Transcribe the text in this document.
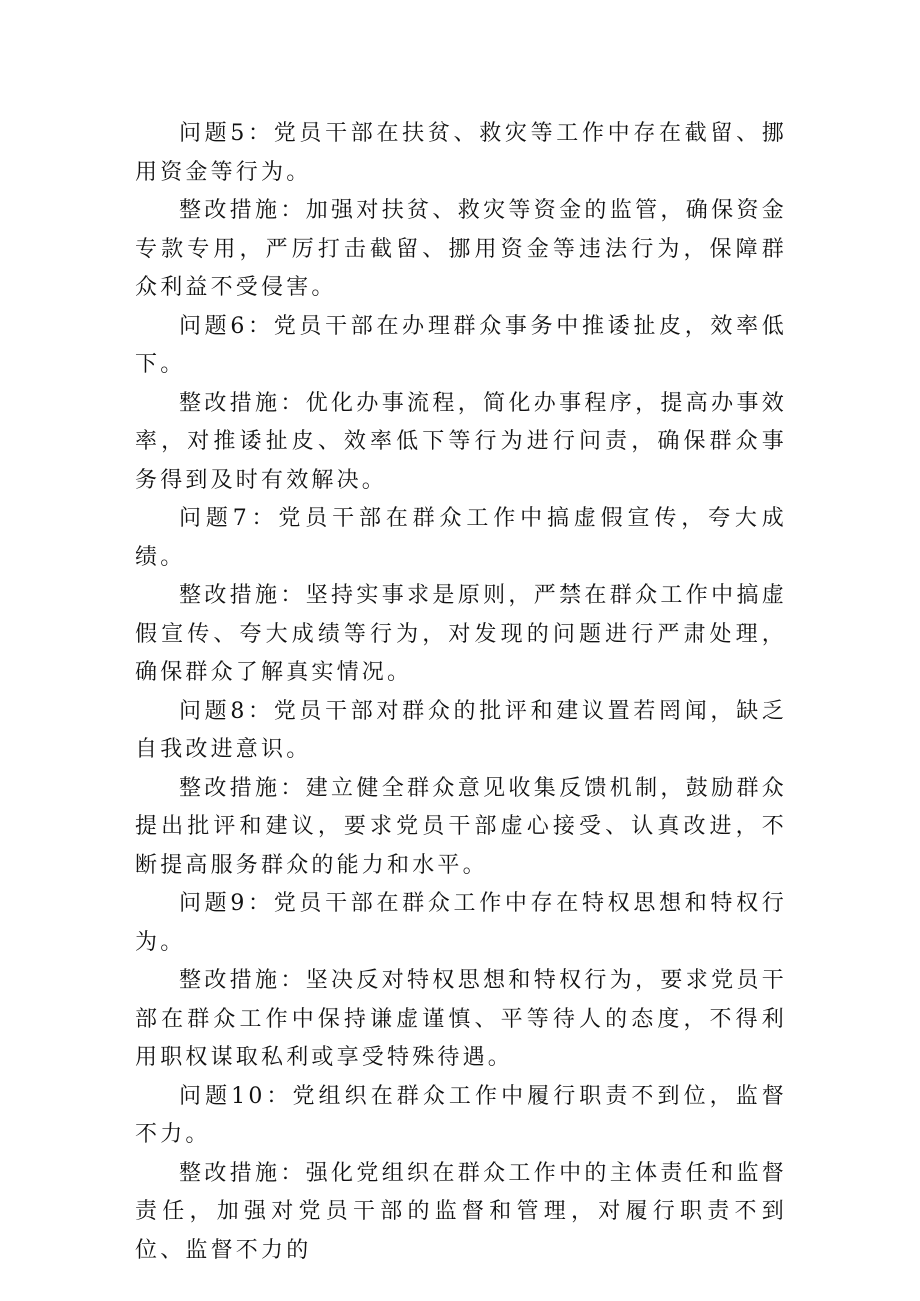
问题5：党员干部在扶贫、救灾等工作中存在截留、挪用资金等行为。

整改措施：加强对扶贫、救灾等资金的监管，确保资金专款专用，严厉打击截留、挪用资金等违法行为，保障群众利益不受侵害。

问题6：党员干部在办理群众事务中推诿扯皮，效率低下。

整改措施：优化办事流程，简化办事程序，提高办事效率，对推诿扯皮、效率低下等行为进行问责，确保群众事务得到及时有效解决。

问题7：党员干部在群众工作中搞虚假宣传，夸大成绩。

整改措施：坚持实事求是原则，严禁在群众工作中搞虚假宣传、夸大成绩等行为，对发现的问题进行严肃处理，确保群众了解真实情况。

问题8：党员干部对群众的批评和建议置若罔闻，缺乏自我改进意识。

整改措施：建立健全群众意见收集反馈机制，鼓励群众提出批评和建议，要求党员干部虚心接受、认真改进，不断提高服务群众的能力和水平。

问题9：党员干部在群众工作中存在特权思想和特权行为。

整改措施：坚决反对特权思想和特权行为，要求党员干部在群众工作中保持谦虚谨慎、平等待人的态度，不得利用职权谋取私利或享受特殊待遇。

问题10：党组织在群众工作中履行职责不到位，监督不力。

整改措施：强化党组织在群众工作中的主体责任和监督责任，加强对党员干部的监督和管理，对履行职责不到位、监督不力的
